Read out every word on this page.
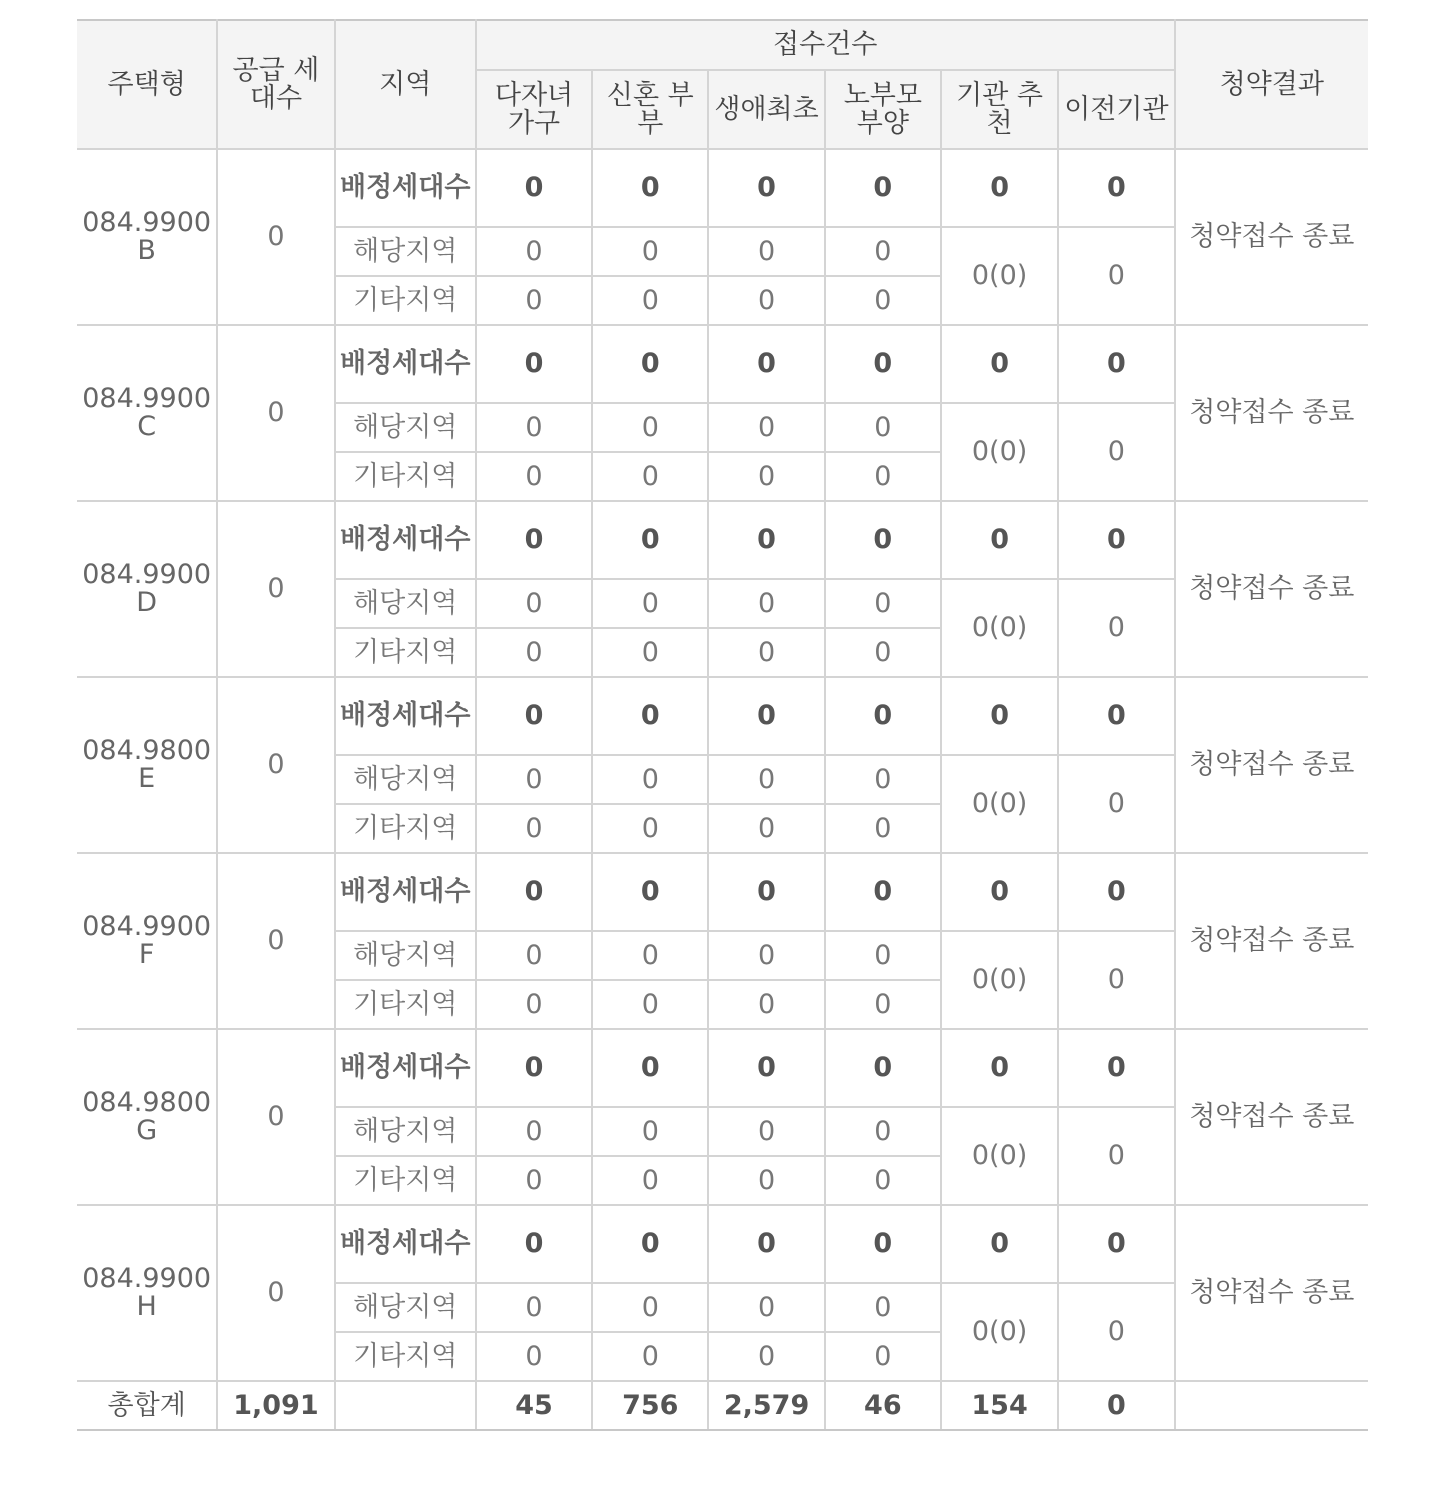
주택형	공급 세대수	지역	접수건수						청약결과
			다자녀 가구	신혼 부부	생애최초	노부모 부양	기관 추천	이전기관	

084.9900
B	0	배정세대수	0	0	0	0	0	0	청약접수 종료
		해당지역	0	0	0	0	0(0)	0	
		기타지역	0	0	0	0			

084.9900
C	0	배정세대수	0	0	0	0	0	0	청약접수 종료
		해당지역	0	0	0	0	0(0)	0	
		기타지역	0	0	0	0			

084.9900
D	0	배정세대수	0	0	0	0	0	0	청약접수 종료
		해당지역	0	0	0	0	0(0)	0	
		기타지역	0	0	0	0			

084.9800
E	0	배정세대수	0	0	0	0	0	0	청약접수 종료
		해당지역	0	0	0	0	0(0)	0	
		기타지역	0	0	0	0			

084.9900
F	0	배정세대수	0	0	0	0	0	0	청약접수 종료
		해당지역	0	0	0	0	0(0)	0	
		기타지역	0	0	0	0			

084.9800
G	0	배정세대수	0	0	0	0	0	0	청약접수 종료
		해당지역	0	0	0	0	0(0)	0	
		기타지역	0	0	0	0			

084.9900
H	0	배정세대수	0	0	0	0	0	0	청약접수 종료
		해당지역	0	0	0	0	0(0)	0	
		기타지역	0	0	0	0			
총합계	1,091		45	756	2,579	46	154	0	
